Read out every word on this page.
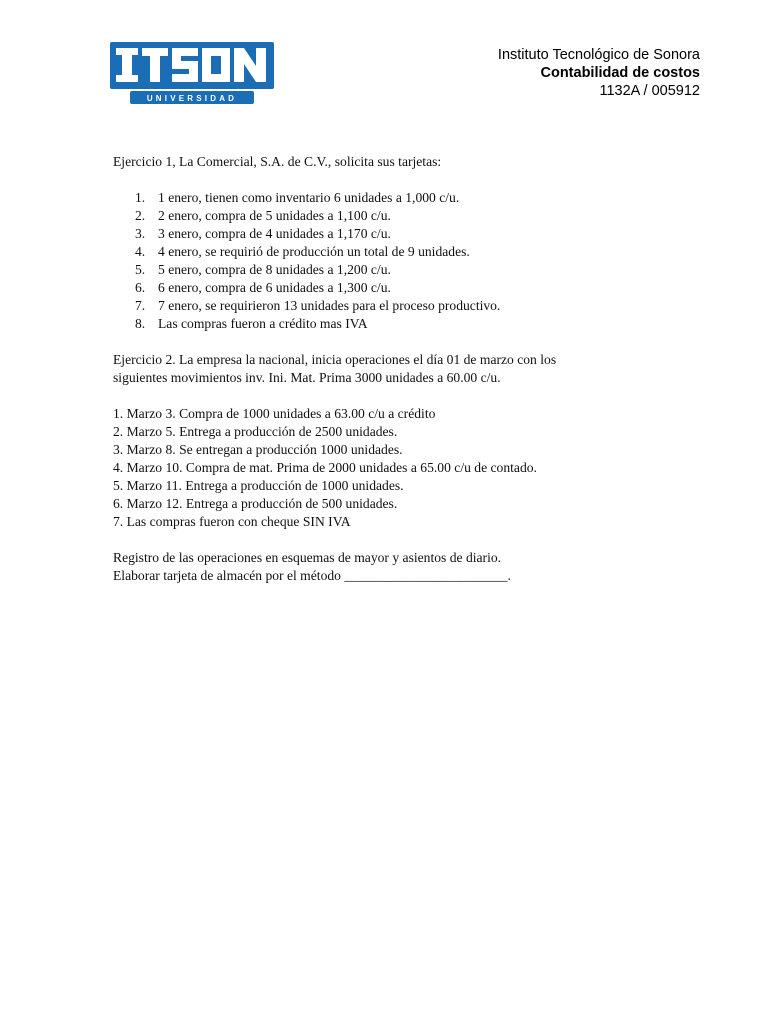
UNIVERSIDAD
Instituto Tecnológico de Sonora
Contabilidad de costos
1132A / 005912

Ejercicio 1, La Comercial, S.A. de C.V., solicita sus tarjetas:

1. 1 enero, tienen como inventario 6 unidades a 1,000 c/u.
2. 2 enero, compra de 5 unidades a 1,100 c/u.
3. 3 enero, compra de 4 unidades a 1,170 c/u.
4. 4 enero, se requirió de producción un total de 9 unidades.
5. 5 enero, compra de 8 unidades a 1,200 c/u.
6. 6 enero, compra de 6 unidades a 1,300 c/u.
7. 7 enero, se requirieron 13 unidades para el proceso productivo.
8. Las compras fueron a crédito mas IVA

Ejercicio 2. La empresa la nacional, inicia operaciones el día 01 de marzo con los

siguientes movimientos inv. Ini. Mat. Prima 3000 unidades a 60.00 c/u.

1. Marzo 3. Compra de 1000 unidades a 63.00 c/u a crédito
2. Marzo 5. Entrega a producción de 2500 unidades.
3. Marzo 8. Se entregan a producción 1000 unidades.
4. Marzo 10. Compra de mat. Prima de 2000 unidades a 65.00 c/u de contado.
5. Marzo 11. Entrega a producción de 1000 unidades.
6. Marzo 12. Entrega a producción de 500 unidades.
7. Las compras fueron con cheque SIN IVA

Registro de las operaciones en esquemas de mayor y asientos de diario.

Elaborar tarjeta de almacén por el método ________________________.
